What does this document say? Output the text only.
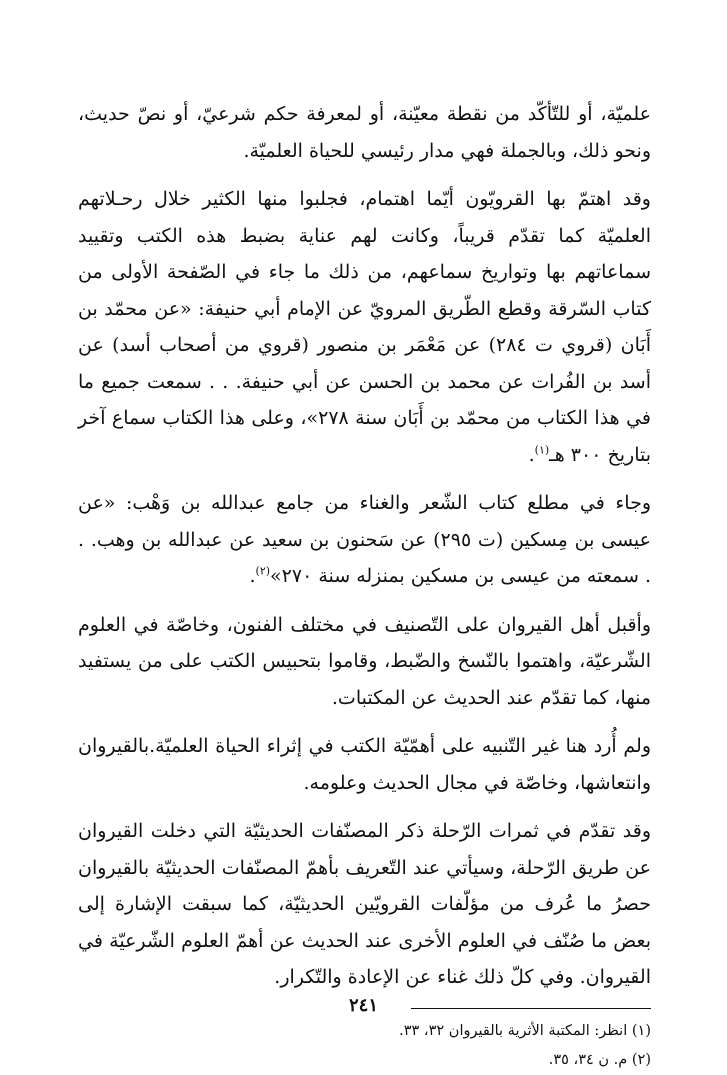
علميّة، أو للتّأكّد من نقطة معيّنة، أو لمعرفة حكم شرعيّ، أو نصّ حديث، ونحو ذلك، وبالجملة فهي مدار رئيسي للحياة العلميّة.

وقد اهتمّ بها القرويّون أيّما اهتمام، فجلبوا منها الكثير خلال رحـلاتهم العلميّة كما تقدّم قريباً، وكانت لهم عناية بضبط هذه الكتب وتقييد سماعاتهم بها وتواريخ سماعهم، من ذلك ما جاء في الصّفحة الأولى من كتاب السّرقة وقطع الطّريق المرويّ عن الإمام أبي حنيفة: «عن محمّد بن أَبَان (قروي ت ٢٨٤) عن مَعْمَر بن منصور (قروي من أصحاب أسد) عن أسد بن الفُرات عن محمد بن الحسن عن أبي حنيفة. . . سمعت جميع ما في هذا الكتاب من محمّد بن أَبَان سنة ٢٧٨»، وعلى هذا الكتاب سماع آخر بتاريخ ٣٠٠ هـ$^{(١)}$.

وجاء في مطلع كتاب الشّعر والغناء من جامع عبدالله بن وَهْب: «عن عيسى بن مِسكين (ت ٢٩٥) عن سَحنون بن سعيد عن عبدالله بن وهب. . . سمعته من عيسى بن مسكين بمنزله سنة ٢٧٠»$^{(٢)}$.

وأقبل أهل القيروان على التّصنيف في مختلف الفنون، وخاصّة في العلوم الشّرعيّة، واهتموا بالنّسخ والضّبط، وقاموا بتحبيس الكتب على من يستفيد منها، كما تقدّم عند الحديث عن المكتبات.

ولم أُرد هنا غير التّنبيه على أهمّيّة الكتب في إثراء الحياة العلميّة.بالقيروان وانتعاشها، وخاصّة في مجال الحديث وعلومه.

وقد تقدّم في ثمرات الرّحلة ذكر المصنّفات الحديثيّة التي دخلت القيروان عن طريق الرّحلة، وسيأتي عند التّعريف بأهمّ المصنّفات الحديثيّة بالقيروان حصرُ ما عُرف من مؤلّفات القرويّين الحديثيّة، كما سبقت الإشارة إلى بعض ما صُنّف في العلوم الأخرى عند الحديث عن أهمّ العلوم الشّرعيّة في القيروان. وفي كلّ ذلك غناء عن الإعادة والتّكرار.

(١) انظر: المكتبة الأثرية بالقيروان ٣٢، ٣٣.

(٢) م. ن ٣٤، ٣٥.

٢٤١
